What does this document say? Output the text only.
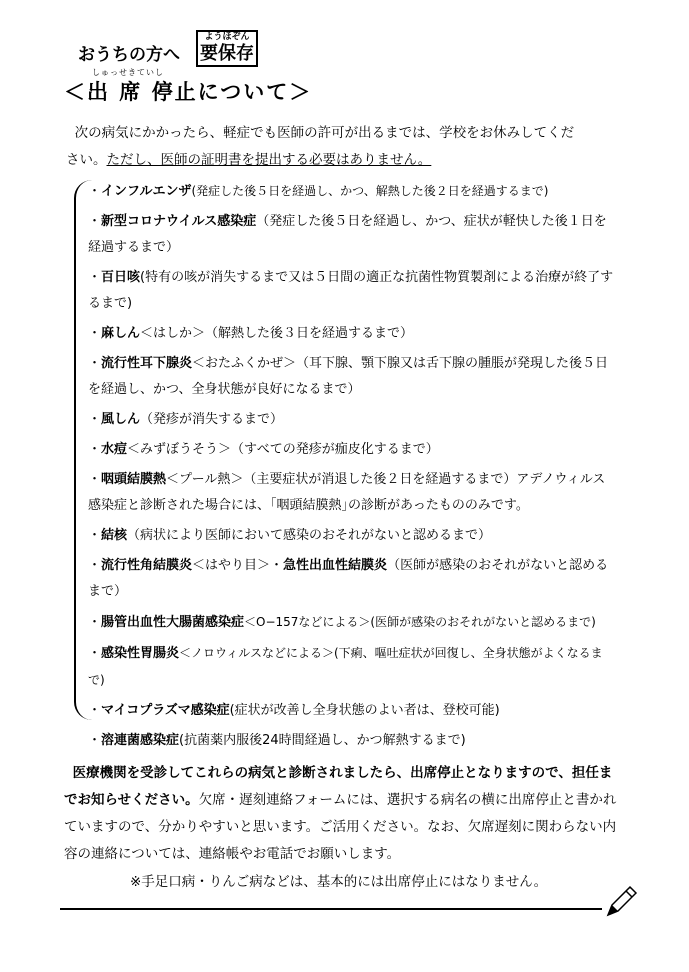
おうちの方へ
ようほぞん
要保存
しゅっせきていし
＜出 席 停止について＞
次の病気にかかったら、軽症でも医師の許可が出るまでは、学校をお休みしてくだ
さい。ただし、医師の証明書を提出する必要はありません。
・インフルエンザ(発症した後５日を経過し、かつ、解熱した後２日を経過するまで)
・新型コロナウイルス感染症（発症した後５日を経過し、かつ、症状が軽快した後１日を経過するまで）
・百日咳(特有の咳が消失するまで又は５日間の適正な抗菌性物質製剤による治療が終了するまで)
・麻しん＜はしか＞（解熱した後３日を経過するまで）
・流行性耳下腺炎＜おたふくかぜ＞（耳下腺、顎下腺又は舌下腺の腫脹が発現した後５日を経過し、かつ、全身状態が良好になるまで）
・風しん（発疹が消失するまで）
・水痘＜みずぼうそう＞（すべての発疹が痂皮化するまで）
・咽頭結膜熱＜プール熱＞（主要症状が消退した後２日を経過するまで）アデノウィルス感染症と診断された場合には、｢咽頭結膜熱｣の診断があったもののみです。
・結核（病状により医師において感染のおそれがないと認めるまで）
・流行性角結膜炎＜はやり目＞・急性出血性結膜炎（医師が感染のおそれがないと認めるまで）
・腸管出血性大腸菌感染症＜O−157などによる＞(医師が感染のおそれがないと認めるまで)
・感染性胃腸炎＜ノロウィルスなどによる＞(下痢、嘔吐症状が回復し、全身状態がよくなるまで)
・マイコプラズマ感染症(症状が改善し全身状態のよい者は、登校可能)
・溶連菌感染症(抗菌薬内服後24時間経過し、かつ解熱するまで)
医療機関を受診してこれらの病気と診断されましたら、出席停止となりますので、担任までお知らせください。欠席・遅刻連絡フォームには、選択する病名の横に出席停止と書かれていますので、分かりやすいと思います。ご活用ください。なお、欠席遅刻に関わらない内容の連絡については、連絡帳やお電話でお願いします。
※手足口病・りんご病などは、基本的には出席停止にはなりません。
